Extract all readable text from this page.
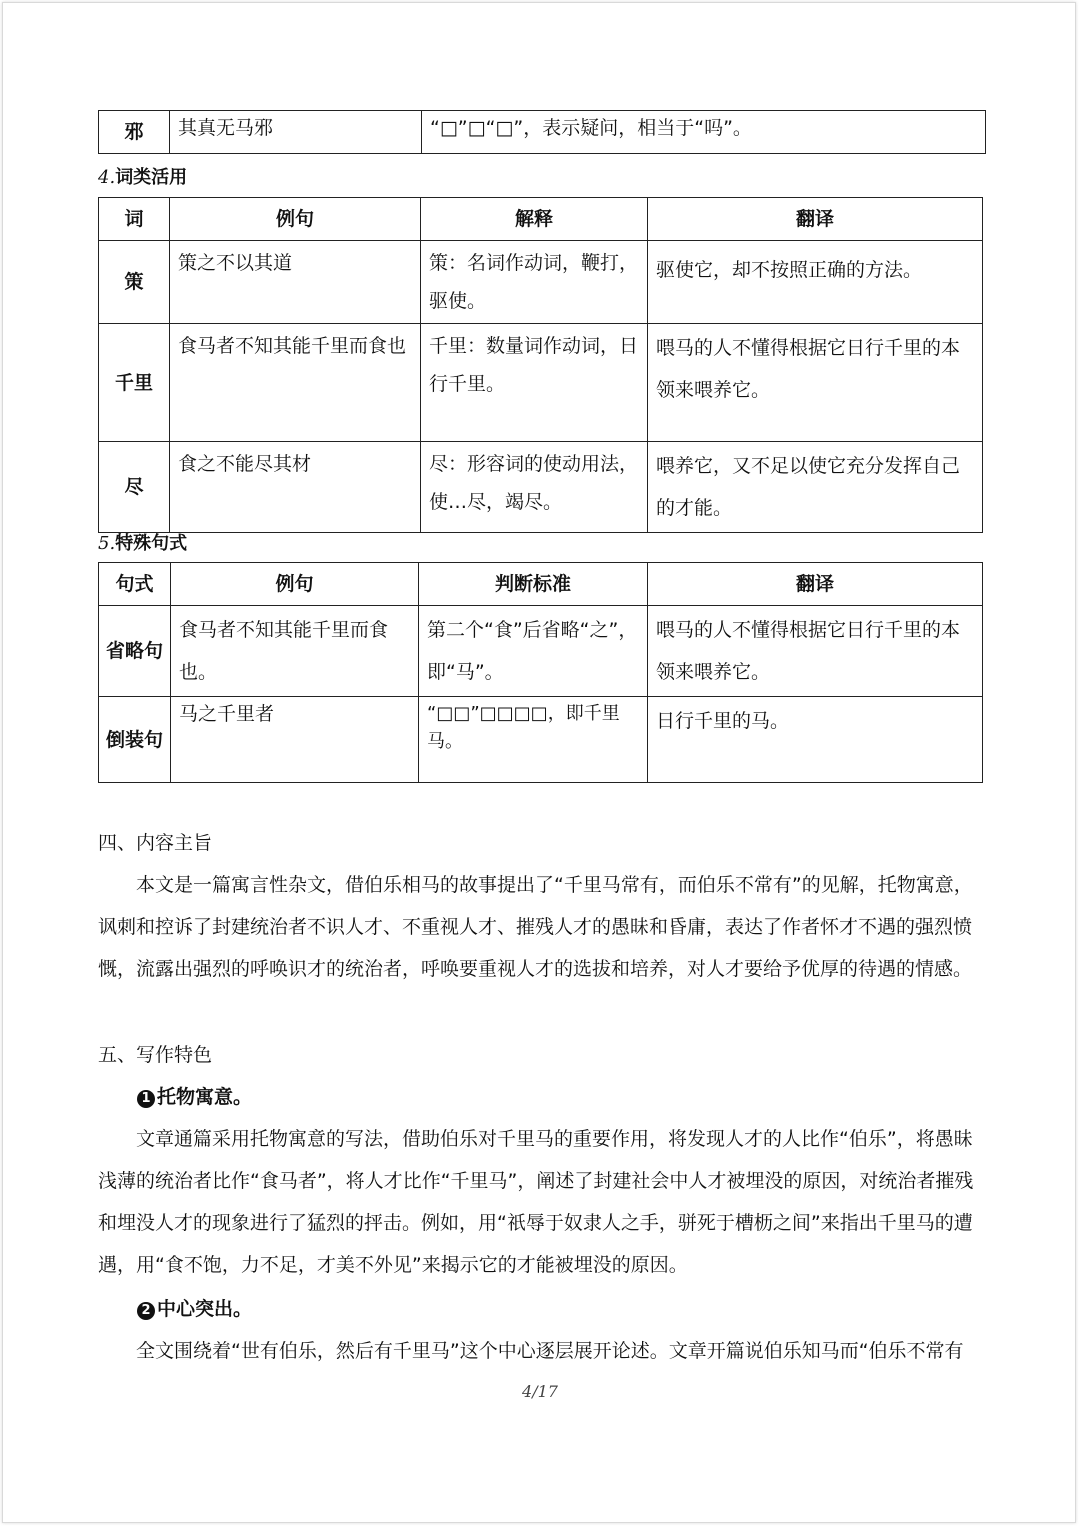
邪	其真无马邪	“□”□“□”，表示疑问，相当于“吗”。
4.词类活用
词	例句	解释	翻译
策	策之不以其道	策：名词作动词，鞭打，驱使。	驱使它，却不按照正确的方法。
千里	食马者不知其能千里而食也	千里：数量词作动词，日行千里。	喂马的人不懂得根据它日行千里的本领来喂养它。
尽	食之不能尽其材	尽：形容词的使动用法，使…尽，竭尽。	喂养它，又不足以使它充分发挥自己的才能。
5.特殊句式
句式	例句	判断标准	翻译
省略句	食马者不知其能千里而食也。	第二个“食”后省略“之”，即“马”。	喂马的人不懂得根据它日行千里的本领来喂养它。
倒装句	马之千里者	“□□”□□□□，即千里马。	日行千里的马。
四、内容主旨

本文是一篇寓言性杂文，借伯乐相马的故事提出了“千里马常有，而伯乐不常有”的见解，托物寓意，讽刺和控诉了封建统治者不识人才、不重视人才、摧残人才的愚昧和昏庸，表达了作者怀才不遇的强烈愤慨，流露出强烈的呼唤识才的统治者，呼唤要重视人才的选拔和培养，对人才要给予优厚的待遇的情感。

五、写作特色
1 托物寓意。

文章通篇采用托物寓意的写法，借助伯乐对千里马的重要作用，将发现人才的人比作“伯乐”，将愚昧浅薄的统治者比作“食马者”，将人才比作“千里马”，阐述了封建社会中人才被埋没的原因，对统治者摧残和埋没人才的现象进行了猛烈的抨击。例如，用“祇辱于奴隶人之手，骈死于槽枥之间”来指出千里马的遭遇，用“食不饱，力不足，才美不外见”来揭示它的才能被埋没的原因。

2 中心突出。

全文围绕着“世有伯乐，然后有千里马”这个中心逐层展开论述。文章开篇说伯乐知马而“伯乐不常有

4/17
